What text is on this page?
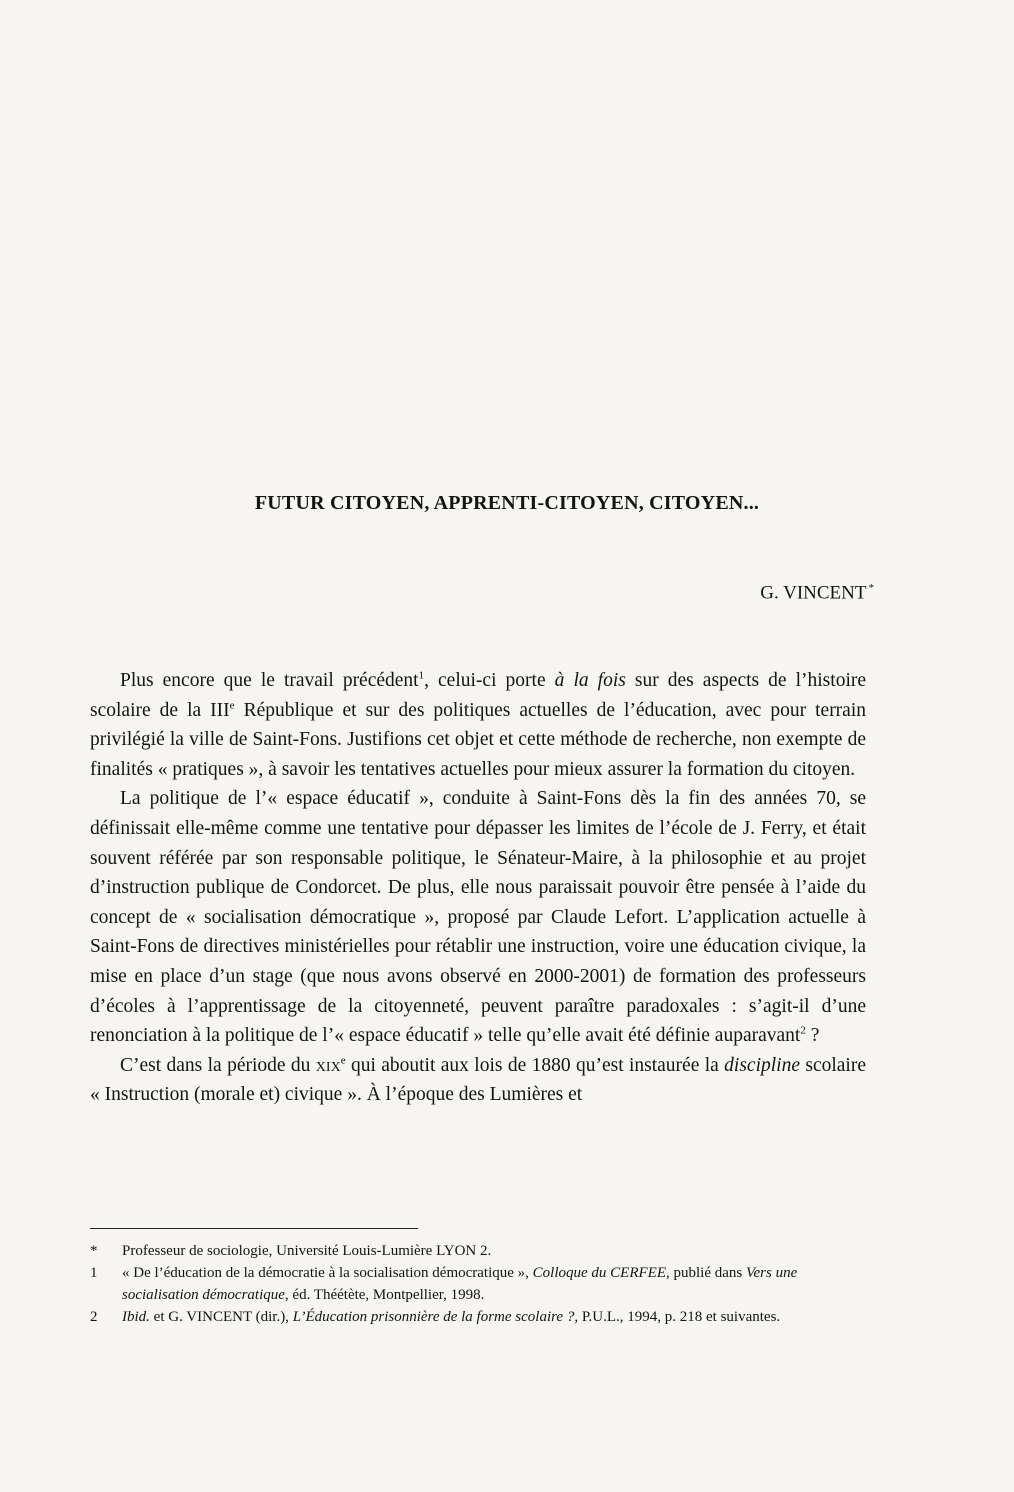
FUTUR CITOYEN, APPRENTI-CITOYEN, CITOYEN...
G. VINCENT *

Plus encore que le travail précédent$^1$, celui-ci porte à la fois sur des aspects de l’histoire scolaire de la IIIe République et sur des politiques actuelles de l’éducation, avec pour terrain privilégié la ville de Saint-Fons. Justifions cet objet et cette méthode de recherche, non exempte de finalités « pratiques », à savoir les tentatives actuelles pour mieux assurer la formation du citoyen.

La politique de l’« espace éducatif », conduite à Saint-Fons dès la fin des années 70, se définissait elle-même comme une tentative pour dépasser les limites de l’école de J. Ferry, et était souvent référée par son responsable politique, le Sénateur-Maire, à la philosophie et au projet d’instruction publique de Condorcet. De plus, elle nous paraissait pouvoir être pensée à l’aide du concept de « socialisation démocratique », proposé par Claude Lefort. L’application actuelle à Saint-Fons de directives ministérielles pour rétablir une instruction, voire une éducation civique, la mise en place d’un stage (que nous avons observé en 2000-2001) de formation des professeurs d’écoles à l’apprentissage de la citoyenneté, peuvent paraître paradoxales : s’agit-il d’une renonciation à la politique de l’« espace éducatif » telle qu’elle avait été définie auparavant$^2$ ?

C’est dans la période du xix$^e$ qui aboutit aux lois de 1880 qu’est instaurée la discipline scolaire « Instruction (morale et) civique ». À l’époque des Lumières et

*	Professeur de sociologie, Université Louis-Lumière LYON 2.
1	« De l’éducation de la démocratie à la socialisation démocratique », Colloque du CERFEE, publié dans Vers une socialisation démocratique, éd. Théétète, Montpellier, 1998.
2	Ibid. et G. VINCENT (dir.), L’Éducation prisonnière de la forme scolaire ?, P.U.L., 1994, p. 218 et suivantes.
